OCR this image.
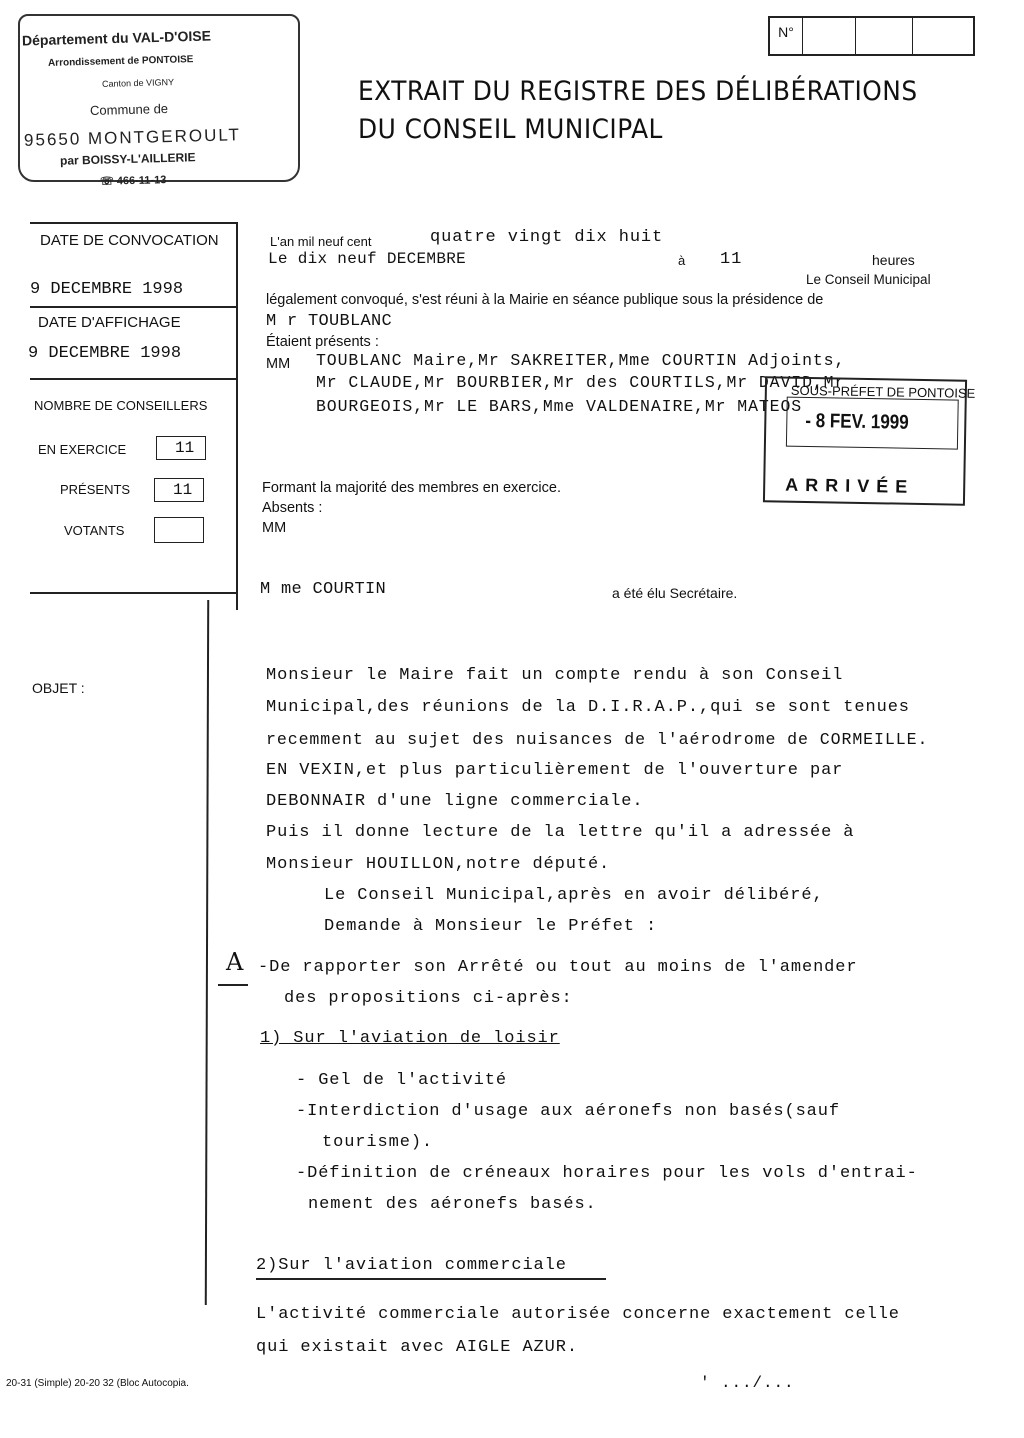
Département du VAL-D'OISE
Arrondissement de PONTOISE
Canton de VIGNY
Commune de
95650 MONTGEROULT
par BOISSY-L'AILLERIE
☏ 466-11-13
N°
EXTRAIT DU REGISTRE DES DÉLIBÉRATIONS
DU CONSEIL MUNICIPAL
DATE DE CONVOCATION
9 DECEMBRE 1998
DATE D'AFFICHAGE
9 DECEMBRE 1998
NOMBRE DE CONSEILLERS
EN EXERCICE	11
PRÉSENTS	11
VOTANTS
OBJET :
L'an mil neuf cent	quatre vingt dix huit
Le dix neuf DECEMBRE	à 11	heures
Le Conseil Municipal
légalement convoqué, s'est réuni à la Mairie en séance publique sous la présidence de
M r TOUBLANC
Étaient présents :
MM TOUBLANC Maire,Mr SAKREITER,Mme COURTIN Adjoints,
Mr CLAUDE,Mr BOURBIER,Mr des COURTILS,Mr DAVID,Mr
BOURGEOIS,Mr LE BARS,Mme VALDENAIRE,Mr MATEOS
SOUS-PRÉFET DE PONTOISE
- 8 FEV. 1999
ARRIVÉE
Formant la majorité des membres en exercice.
Absents :
MM
M me COURTIN	a été élu Secrétaire.
Monsieur le Maire fait un compte rendu à son Conseil
Municipal,des réunions de la D.I.R.A.P.,qui se sont tenues
recemment au sujet des nuisances de l'aérodrome de CORMEILLE.
EN VEXIN,et plus particulièrement de l'ouverture par
DEBONNAIR d'une ligne commerciale.
Puis il donne lecture de la lettre qu'il a adressée à
Monsieur HOUILLON,notre député.
Le Conseil Municipal,après en avoir délibéré,
Demande à Monsieur le Préfet :
A -De rapporter son Arrêté ou tout au moins de l'amender
des propositions ci-après:
1) Sur l'aviation de loisir
- Gel de l'activité
-Interdiction d'usage aux aéronefs non basés(sauf
tourisme).
-Définition de créneaux horaires pour les vols d'entrai-
nement des aéronefs basés.
2)Sur l'aviation commerciale
L'activité commerciale autorisée concerne exactement celle
qui existait avec AIGLE AZUR.
20-31 (Simple) 20-20 32 (Bloc Autocopia.	' .../...
